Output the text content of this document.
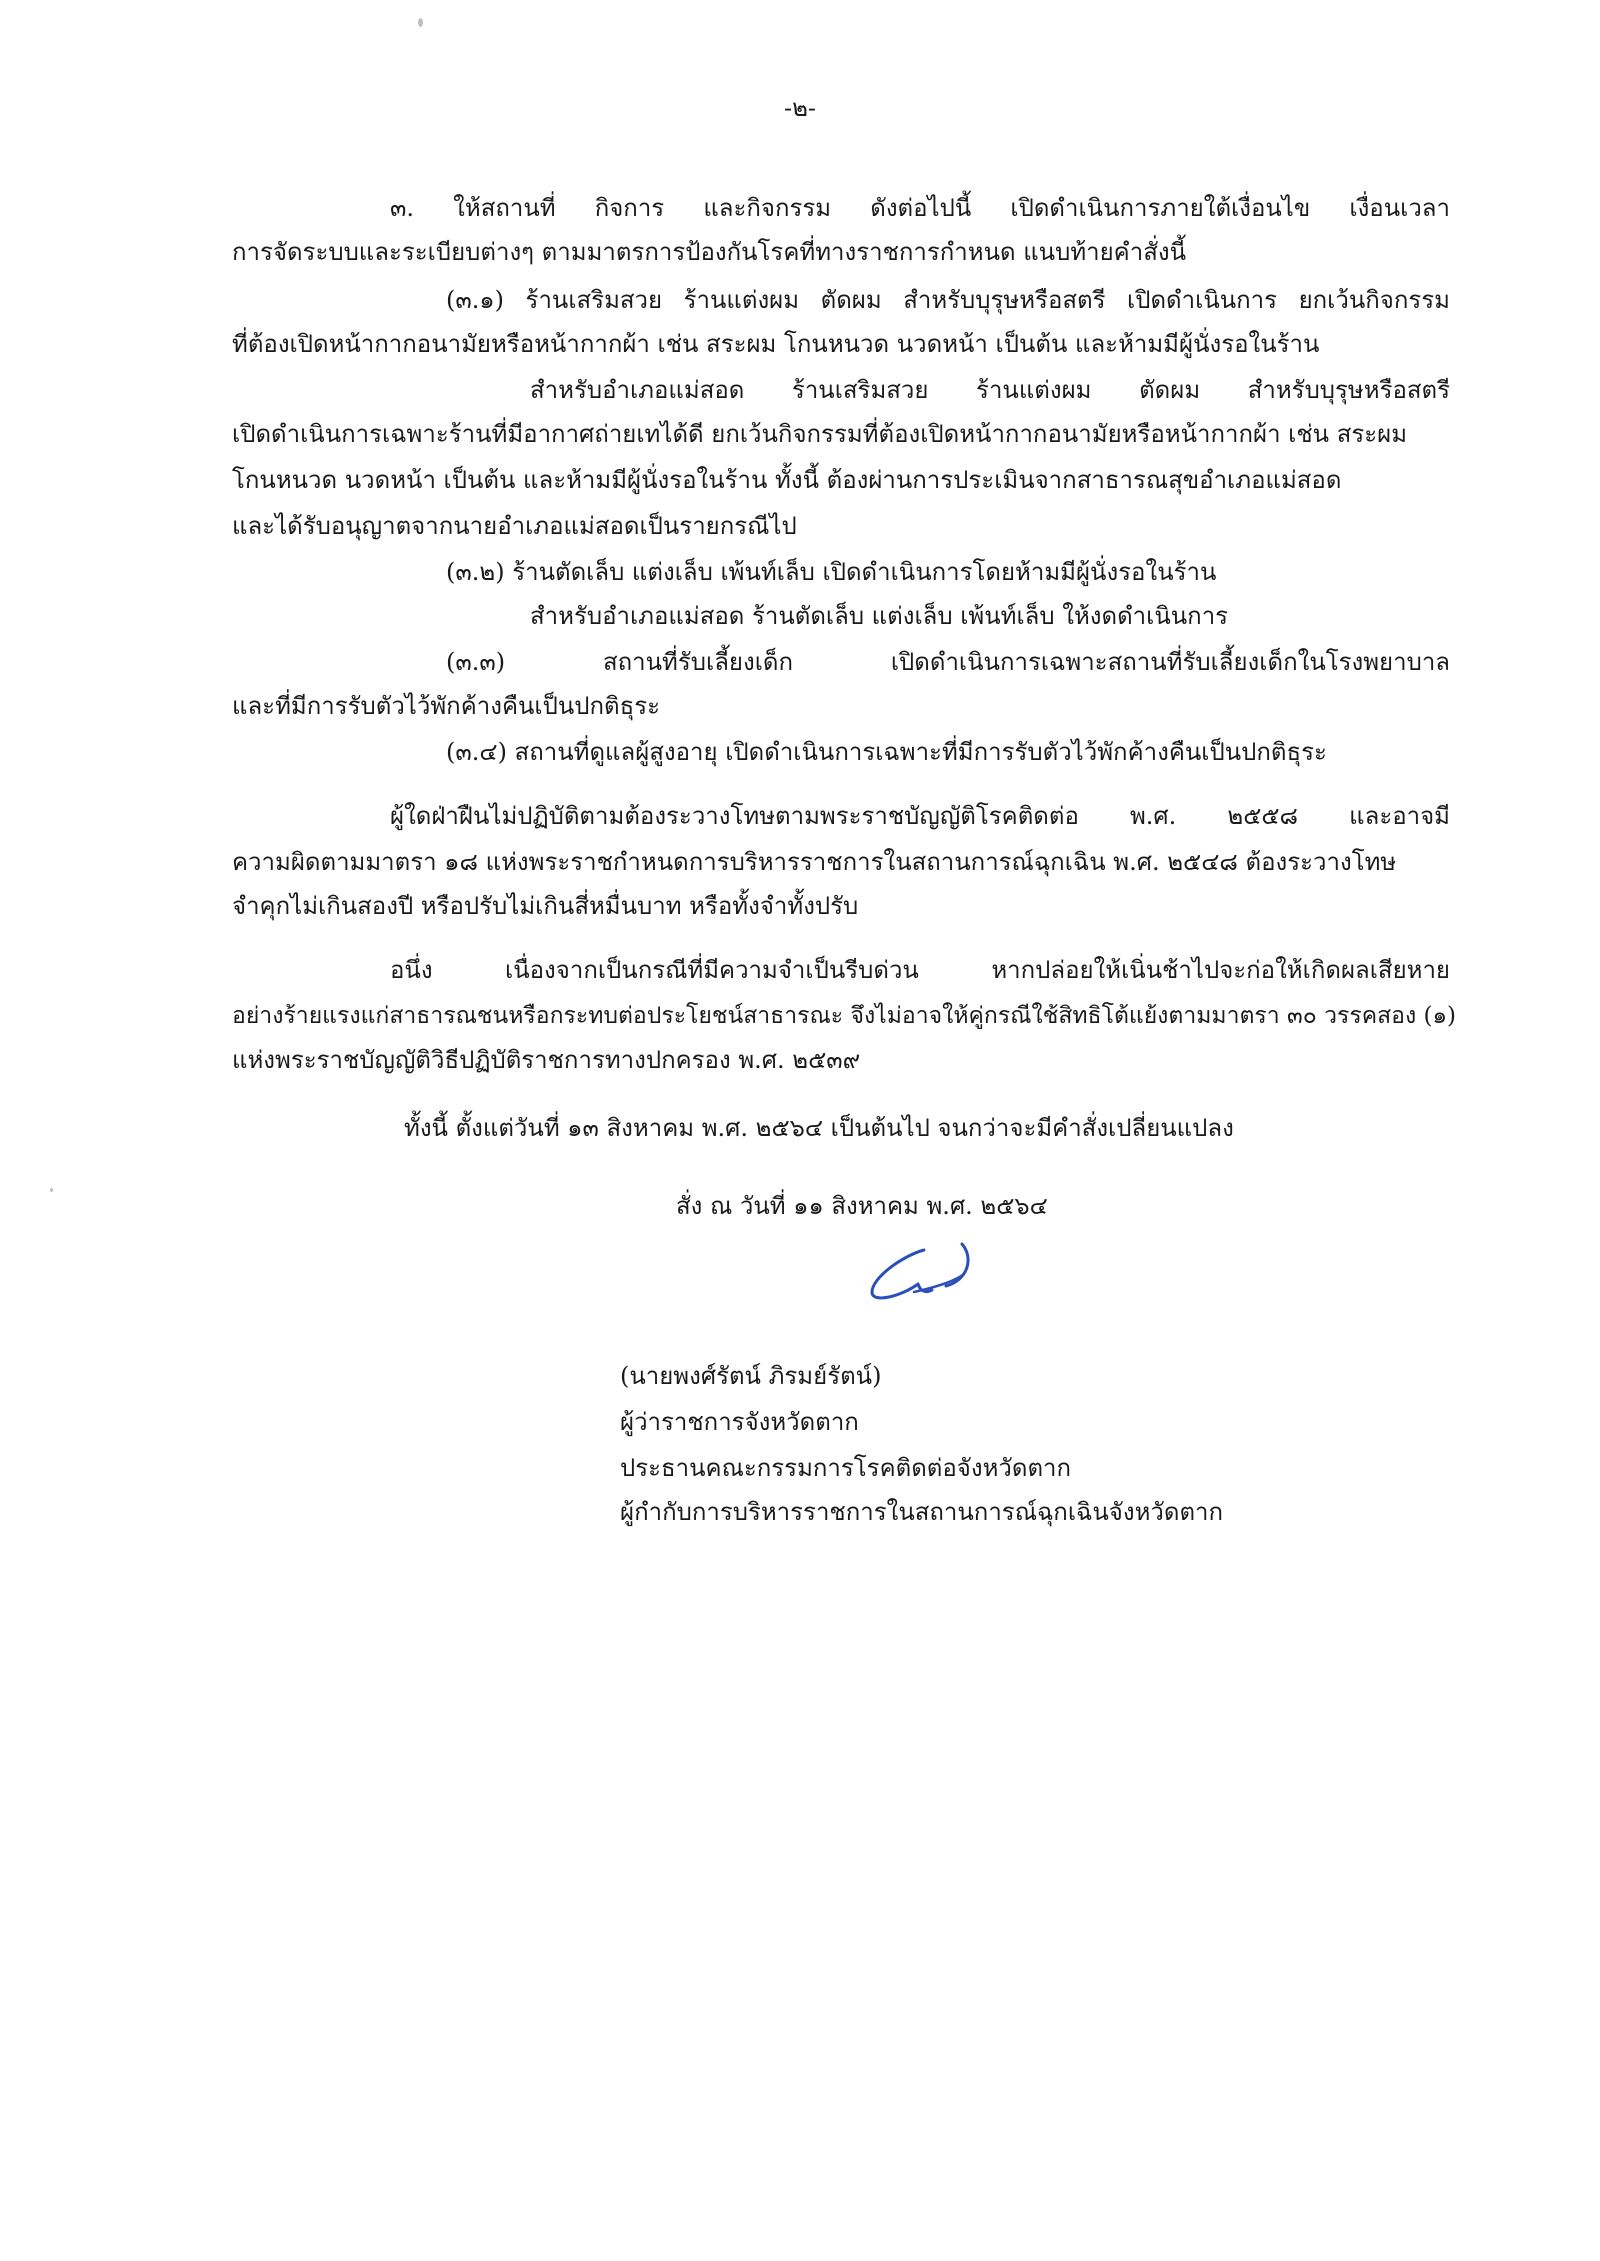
-๒-
๓. ให้สถานที่ กิจการ และกิจกรรม ดังต่อไปนี้ เปิดดำเนินการภายใต้เงื่อนไข เงื่อนเวลา
การจัดระบบและระเบียบต่างๆ ตามมาตรการป้องกันโรคที่ทางราชการกำหนด แนบท้ายคำสั่งนี้
(๓.๑) ร้านเสริมสวย ร้านแต่งผม ตัดผม สำหรับบุรุษหรือสตรี เปิดดำเนินการ ยกเว้นกิจกรรม
ที่ต้องเปิดหน้ากากอนามัยหรือหน้ากากผ้า เช่น สระผม โกนหนวด นวดหน้า เป็นต้น และห้ามมีผู้นั่งรอในร้าน
สำหรับอำเภอแม่สอด ร้านเสริมสวย ร้านแต่งผม ตัดผม สำหรับบุรุษหรือสตรี
เปิดดำเนินการเฉพาะร้านที่มีอากาศถ่ายเทได้ดี ยกเว้นกิจกรรมที่ต้องเปิดหน้ากากอนามัยหรือหน้ากากผ้า เช่น สระผม
โกนหนวด นวดหน้า เป็นต้น และห้ามมีผู้นั่งรอในร้าน ทั้งนี้ ต้องผ่านการประเมินจากสาธารณสุขอำเภอแม่สอด
และได้รับอนุญาตจากนายอำเภอแม่สอดเป็นรายกรณีไป
(๓.๒) ร้านตัดเล็บ แต่งเล็บ เพ้นท์เล็บ เปิดดำเนินการโดยห้ามมีผู้นั่งรอในร้าน
สำหรับอำเภอแม่สอด ร้านตัดเล็บ แต่งเล็บ เพ้นท์เล็บ ให้งดดำเนินการ
(๓.๓) สถานที่รับเลี้ยงเด็ก เปิดดำเนินการเฉพาะสถานที่รับเลี้ยงเด็กในโรงพยาบาล
และที่มีการรับตัวไว้พักค้างคืนเป็นปกติธุระ
(๓.๔) สถานที่ดูแลผู้สูงอายุ เปิดดำเนินการเฉพาะที่มีการรับตัวไว้พักค้างคืนเป็นปกติธุระ
ผู้ใดฝ่าฝืนไม่ปฏิบัติตามต้องระวางโทษตามพระราชบัญญัติโรคติดต่อ พ.ศ. ๒๕๕๘ และอาจมี
ความผิดตามมาตรา ๑๘ แห่งพระราชกำหนดการบริหารราชการในสถานการณ์ฉุกเฉิน พ.ศ. ๒๕๔๘ ต้องระวางโทษ
จำคุกไม่เกินสองปี หรือปรับไม่เกินสี่หมื่นบาท หรือทั้งจำทั้งปรับ
อนึ่ง เนื่องจากเป็นกรณีที่มีความจำเป็นรีบด่วน หากปล่อยให้เนิ่นช้าไปจะก่อให้เกิดผลเสียหาย
อย่างร้ายแรงแก่สาธารณชนหรือกระทบต่อประโยชน์สาธารณะ จึงไม่อาจให้คู่กรณีใช้สิทธิโต้แย้งตามมาตรา ๓๐ วรรคสอง (๑)
แห่งพระราชบัญญัติวิธีปฏิบัติราชการทางปกครอง พ.ศ. ๒๕๓๙
ทั้งนี้ ตั้งแต่วันที่ ๑๓ สิงหาคม พ.ศ. ๒๕๖๔ เป็นต้นไป จนกว่าจะมีคำสั่งเปลี่ยนแปลง
สั่ง ณ วันที่ ๑๑ สิงหาคม พ.ศ. ๒๕๖๔
(นายพงศ์รัตน์ ภิรมย์รัตน์)
ผู้ว่าราชการจังหวัดตาก
ประธานคณะกรรมการโรคติดต่อจังหวัดตาก
ผู้กำกับการบริหารราชการในสถานการณ์ฉุกเฉินจังหวัดตาก
